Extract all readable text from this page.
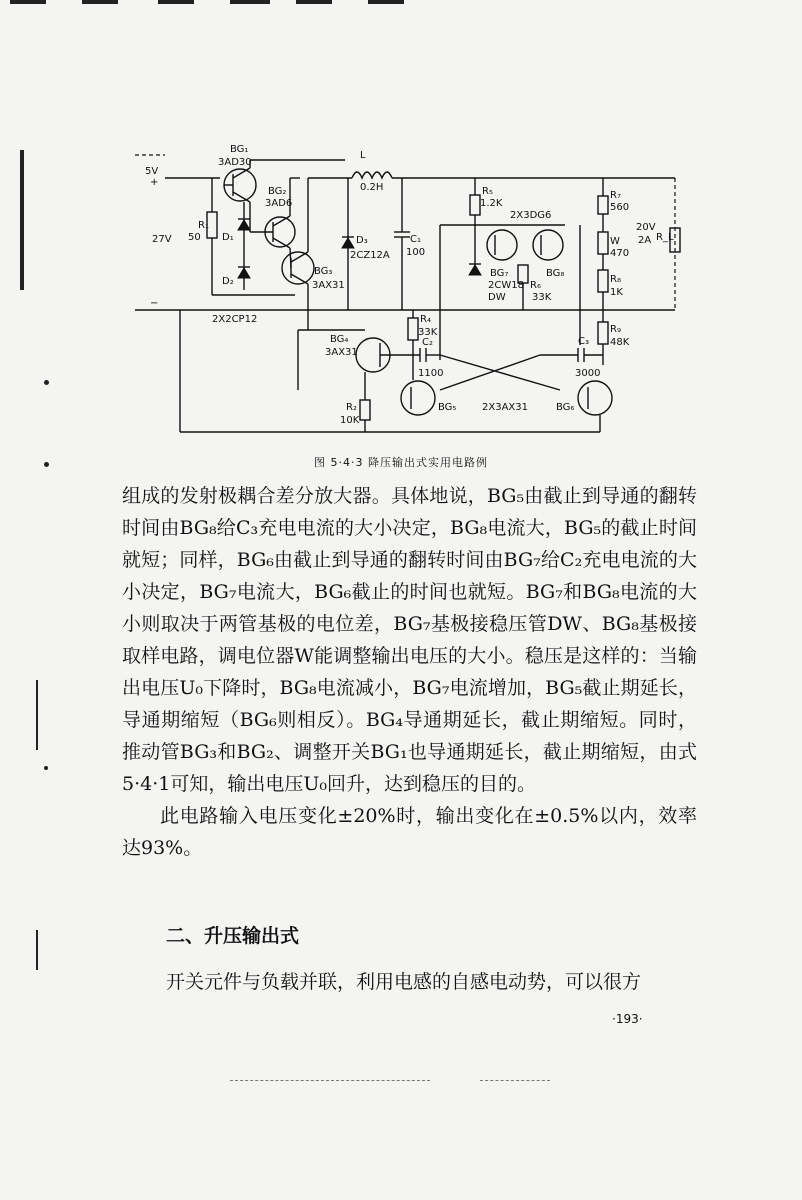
5V
+
27V
−
BG₁
3AD30
BG₂
3AD6
BG₃
3AX31
R₁
50 D₁
D₂
2X2CP12
L
0.2H
D₃
2CZ12A
C₁
100
R₅
1.2K
2X3DG6
BG₇	BG₈
2CW18
DW
R₆
33K
R₇
560
W
470
R₈
1K
20V
2A R_L
BG₄
3AX31
R₄
33K
C₂
1100
R₂
10K
BG₅	2X3AX31	BG₆
C₃
3000
R₉
48K
图 5·4·3 降压输出式实用电路例

组成的发射极耦合差分放大器。具体地说，BG₅由截止到导通的翻转时间由BG₈给C₃充电电流的大小决定，BG₈电流大，BG₅的截止时间就短；同样，BG₆由截止到导通的翻转时间由BG₇给C₂充电电流的大小决定，BG₇电流大，BG₆截止的时间也就短。BG₇和BG₈电流的大小则取决于两管基极的电位差，BG₇基极接稳压管DW、BG₈基极接取样电路，调电位器W能调整输出电压的大小。稳压是这样的：当输出电压U₀下降时，BG₈电流减小，BG₇电流增加，BG₅截止期延长，导通期缩短（BG₆则相反）。BG₄导通期延长，截止期缩短。同时，推动管BG₃和BG₂、调整开关BG₁也导通期延长，截止期缩短，由式5·4·1可知，输出电压U₀回升，达到稳压的目的。

此电路输入电压变化±20%时，输出变化在±0.5%以内，效率达93%。

二、升压输出式

开关元件与负载并联，利用电感的自感电动势，可以很方

·193·
